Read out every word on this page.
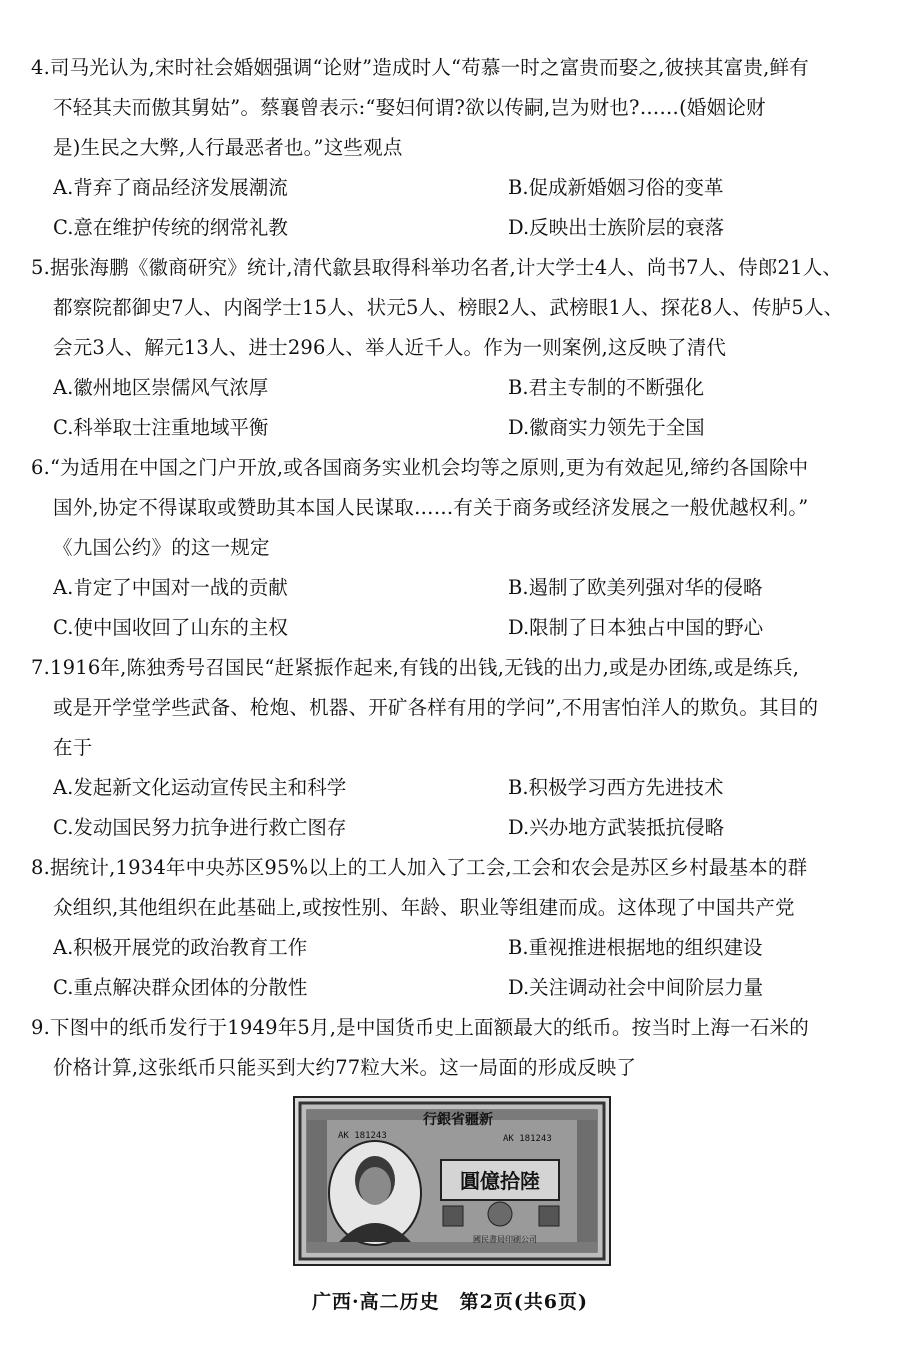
4.司马光认为,宋时社会婚姻强调“论财”造成时人“苟慕一时之富贵而娶之,彼挟其富贵,鲜有
不轻其夫而傲其舅姑”。蔡襄曾表示:“娶妇何谓?欲以传嗣,岂为财也?……(婚姻论财
是)生民之大弊,人行最恶者也。”这些观点
A.背弃了商品经济发展潮流	B.促成新婚姻习俗的变革
C.意在维护传统的纲常礼教	D.反映出士族阶层的衰落
5.据张海鹏《徽商研究》统计,清代歙县取得科举功名者,计大学士4人、尚书7人、侍郎21人、
都察院都御史7人、内阁学士15人、状元5人、榜眼2人、武榜眼1人、探花8人、传胪5人、
会元3人、解元13人、进士296人、举人近千人。作为一则案例,这反映了清代
A.徽州地区崇儒风气浓厚	B.君主专制的不断强化
C.科举取士注重地域平衡	D.徽商实力领先于全国
6.“为适用在中国之门户开放,或各国商务实业机会均等之原则,更为有效起见,缔约各国除中
国外,协定不得谋取或赞助其本国人民谋取……有关于商务或经济发展之一般优越权利。”
《九国公约》的这一规定
A.肯定了中国对一战的贡献	B.遏制了欧美列强对华的侵略
C.使中国收回了山东的主权	D.限制了日本独占中国的野心
7.1916年,陈独秀号召国民“赶紧振作起来,有钱的出钱,无钱的出力,或是办团练,或是练兵,
或是开学堂学些武备、枪炮、机器、开矿各样有用的学问”,不用害怕洋人的欺负。其目的
在于
A.发起新文化运动宣传民主和科学	B.积极学习西方先进技术
C.发动国民努力抗争进行救亡图存	D.兴办地方武装抵抗侵略
8.据统计,1934年中央苏区95%以上的工人加入了工会,工会和农会是苏区乡村最基本的群
众组织,其他组织在此基础上,或按性别、年龄、职业等组建而成。这体现了中国共产党
A.积极开展党的政治教育工作	B.重视推进根据地的组织建设
C.重点解决群众团体的分散性	D.关注调动社会中间阶层力量
9.下图中的纸币发行于1949年5月,是中国货币史上面额最大的纸币。按当时上海一石米的
价格计算,这张纸币只能买到大约77粒大米。这一局面的形成反映了
行銀省疆新
AK 181243	AK 181243
圓億拾陸
國民書局印刷公司
广西·高二历史　第2页(共6页)
